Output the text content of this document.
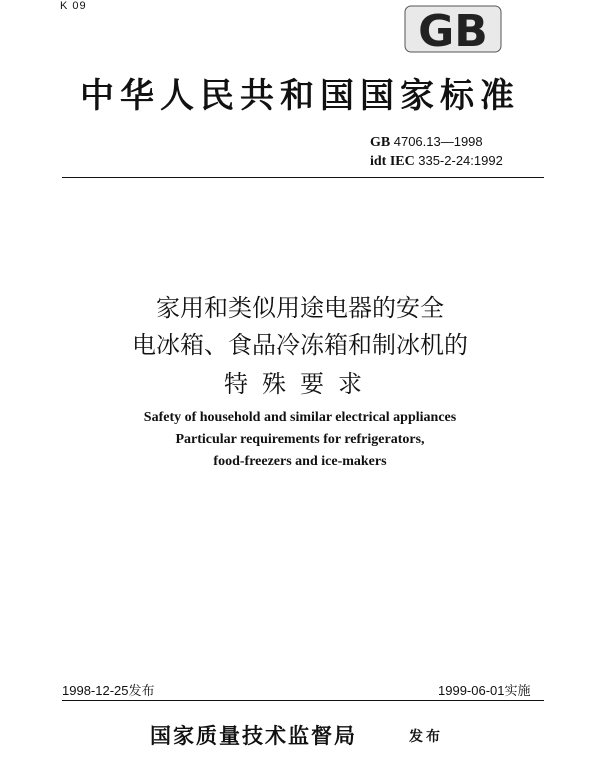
K 09	GB
中华人民共和国国家标准
GB 4706.13—1998
idt IEC 335-2-24:1992
家用和类似用途电器的安全
电冰箱、食品冷冻箱和制冰机的
特殊要求
Safety of household and similar electrical appliances
Particular requirements for refrigerators,
food-freezers and ice-makers
1998-12-25发布	1999-06-01实施
国家质量技术监督局	发布
